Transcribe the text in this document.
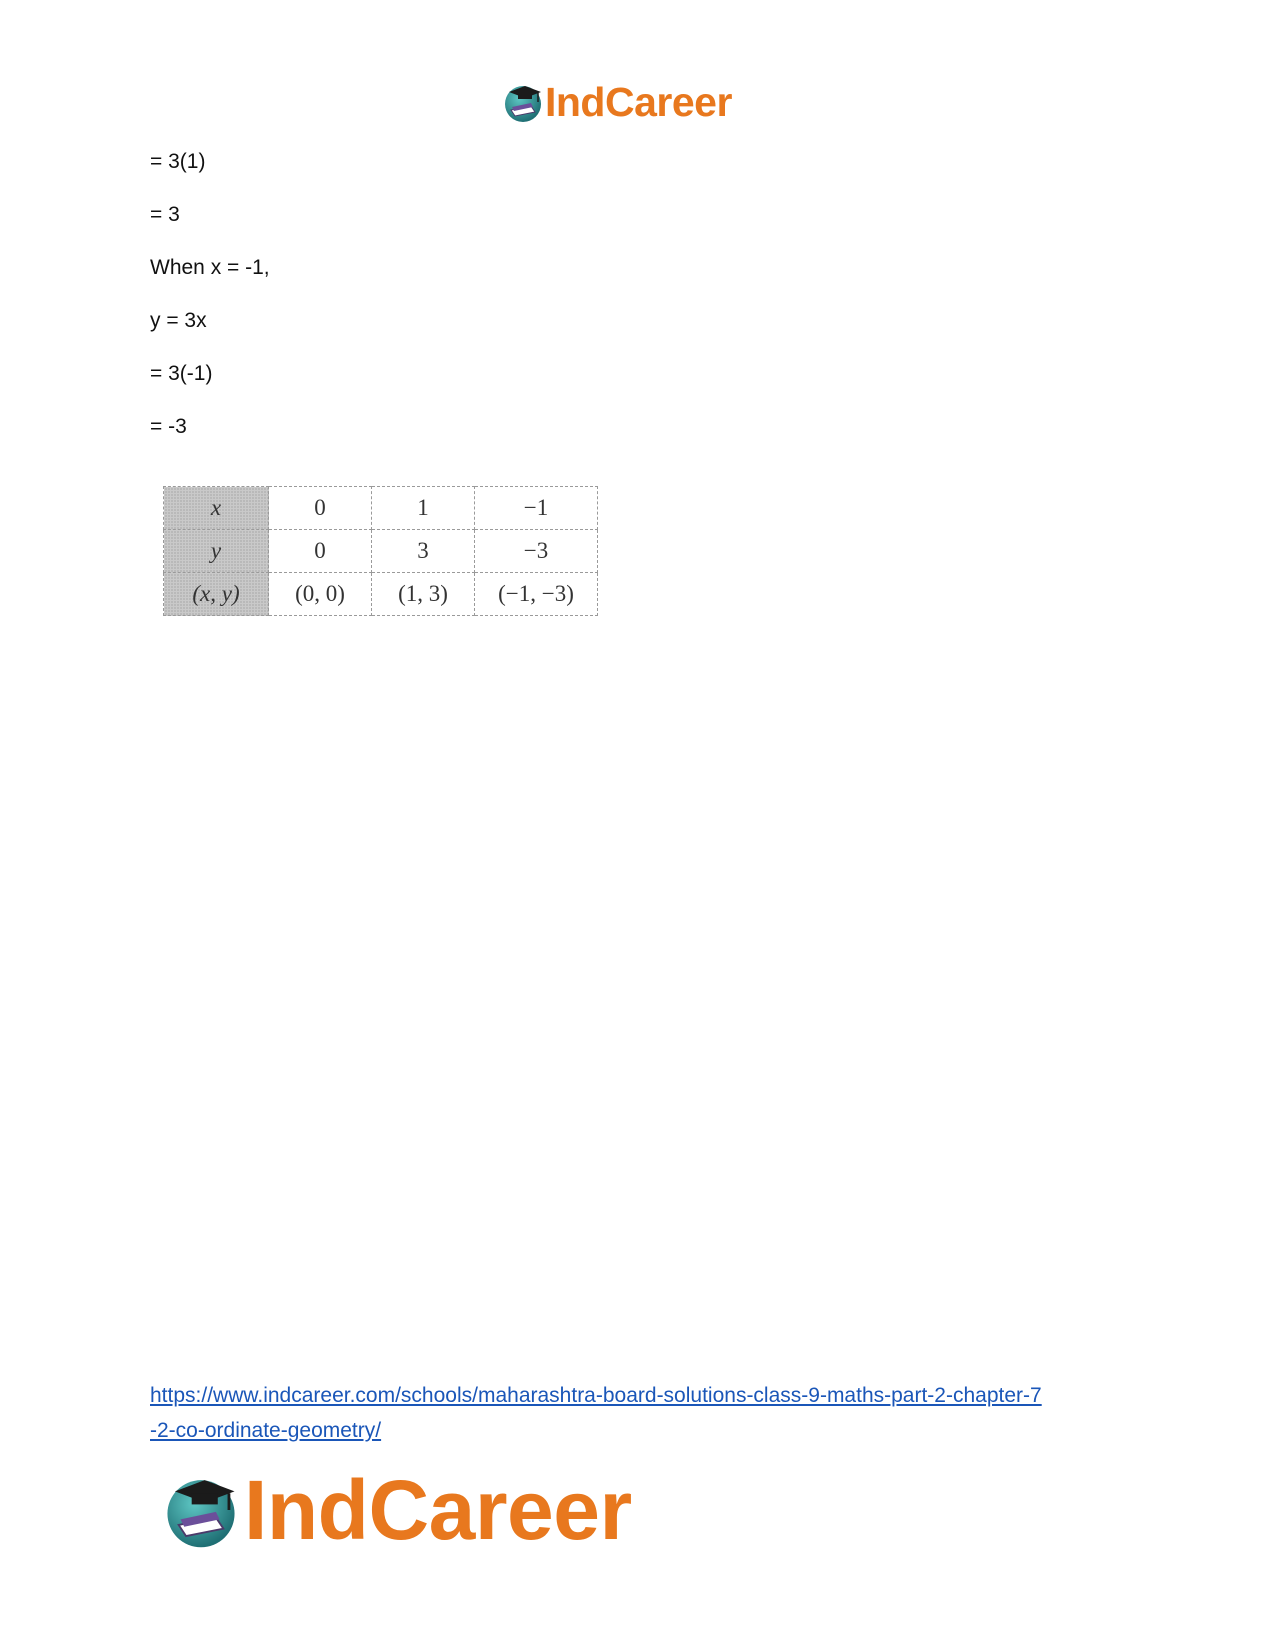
IndCareer
= 3(1)
= 3
When x = -1,
y = 3x
= 3(-1)
= -3
x	0	1	−1
y	0	3	−3
(x, y)	(0, 0)	(1, 3)	(−1, −3)
https://www.indcareer.com/schools/maharashtra-board-solutions-class-9-maths-part-2-chapter-7
-2-co-ordinate-geometry/
IndCareer
